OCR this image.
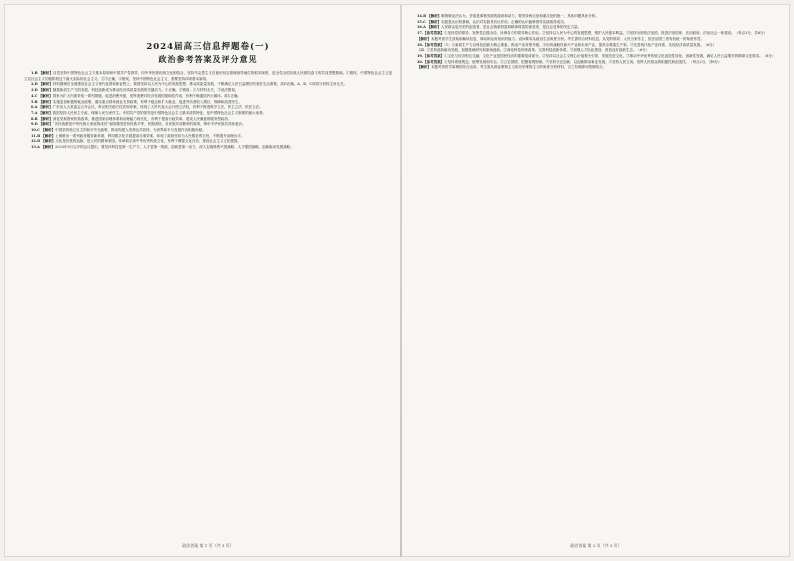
2024届高三信息押题卷(一)
政治参考答案及评分意见

1.B 【解析】自觉坚持中国特色社会主义基本原则和中国共产党领导，同中华民族传统文化相结合，坚持马克思主义在意识形态领域指导地位的根本制度，是全党全国各族人民团结奋斗的共同思想基础。①错误，中国特色社会主义是立足社会主义初级阶段这个最大实际的社会主义。②③正确，④错误，坚持中国特色社会主义，需要坚持四项基本原则。

2.D 【解析】材料强调在全面建设社会主义现代化国家新征程上，我国坚持以人民为中心的发展思想，推动高质量发展，不断满足人民日益增长的美好生活需要，故D正确。A、B、C项均与材料主旨无关。

3.D 【解析】随着新质生产力的发展，科技创新成为推动经济高质量发展的关键动力。④正确，②错误；①与材料无关，③说法错误。

4.C 【解析】国家为扩大内需采取一系列措施，促进消费升级，发挥消费对经济发展的基础性作用，有利于畅通国内大循环。故C正确。

5.B 【解析】实施更加积极的就业政策，落实重点群体就业支持政策，有利于稳定和扩大就业，促进劳动者收入增长，保障和改善民生。

6.A 【解析】广东省人大常委会召开会议，审议相关地方性法规草案，体现了人民代表大会行使立法权，有利于推进科学立法、民主立法、依法立法。

7.A 【解析】我国坚持人民民主专政，保障人民当家作主。中国共产党的领导是中国特色社会主义最本质的特征，是中国特色社会主义制度的最大优势。

8.B 【解析】深化党和国家机构改革，推进国家治理体系和治理能力现代化，有利于提高行政效率，建设人民满意的服务型政府。

9.D 【解析】“各民族都是中华民族大家庭的成员”表明我国坚持民族平等、民族团结、各民族共同繁荣的原则，铸牢中华民族共同体意识。

10.C 【解析】中国坚持独立自主的和平外交政策，推动构建人类命运共同体，为世界和平与发展作出积极贡献。

11.B 【解析】上海推出一系列政务服务新举措，利用数字化手段提高办事效率，体现了政府坚持为人民服务的宗旨，不断提升治理水平。

12.D 【解析】文化是民族的血脉，是人民的精神家园。传承和弘扬中华优秀传统文化，有利于增强文化自信，建设社会主义文化强国。

13.A 【解析】2023年5月召开的会议提出，要坚持科技是第一生产力、人才是第一资源、创新是第一动力，深入实施科教兴国战略、人才强国战略、创新驱动发展战略。

政治答案 第 1 页（共 3 页）

14.B 【解析】唯物辩证法认为，矛盾是事物发展的源泉和动力，要坚持两点论和重点论的统一，具体问题具体分析。

15.C 【解析】实践是认识的基础，认识对实践具有反作用。正确的认识能够指导实践取得成功。

16.A 【解析】人民群众是历史的创造者，是社会物质财富和精神财富的创造者，是社会变革的决定力量。

17.【参考答案】①坚持党的领导，发挥党总揽全局、协调各方的领导核心作用。②坚持以人民为中心的发展思想，维护人民根本利益。③坚持全面依法治国，推进法治国家、法治政府、法治社会一体建设。（每点2分，共6分）

【解析】本题考查学生获取和解读信息、调动和运用知识的能力。设问要求从政治生活角度分析，考生需结合材料信息，从党的领导、人民当家作主、依法治国三者有机统一的角度作答。

18.【参考答案】（1）①新质生产力以科技创新为核心要素，推动产业转型升级。②培育战略性新兴产业和未来产业，提高全要素生产率。③完善现代化产业体系，实现经济高质量发展。（6分）

（2）①坚持创新驱动发展，加强基础研究和原始创新。②深化科技体制改革，完善科技创新体系。③加强人才队伍建设，营造良好创新生态。（6分）

19.【参考答案】①文化与经济相互交融，文化产业是国民经济的重要组成部分。②坚持以社会主义核心价值观为引领，发展先进文化。③推动中华优秀传统文化创造性转化、创新性发展，满足人民日益增长的精神文化需求。（8分）

20.【参考答案】①坚持系统观念，统筹发展和安全。②立足国情，把握客观规律。③坚持守正创新，以创新推动事业发展。④坚持人民立场，发挥人民群众的积极性和创造性。（每点2分，共8分）

【解析】本题考查哲学原理的综合运用，考生需从辩证唯物主义和历史唯物主义的角度分析材料，言之有理即可酌情给分。

政治答案 第 2 页（共 3 页）
